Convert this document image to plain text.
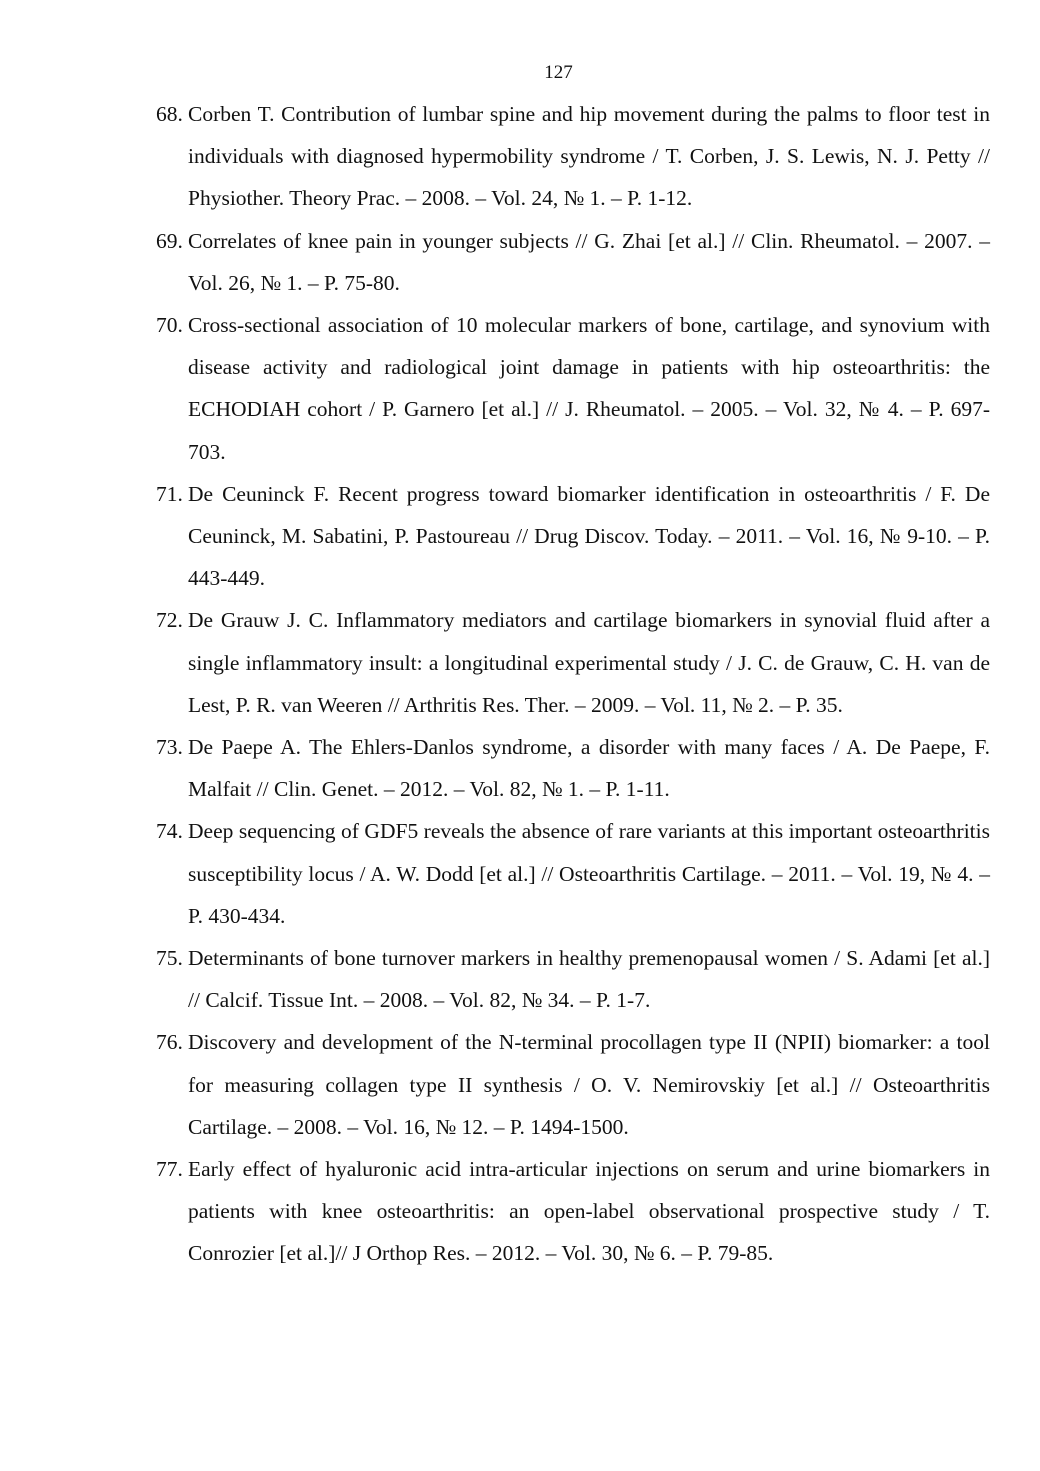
127
68. Corben T. Contribution of lumbar spine and hip movement during the palms to floor test in individuals with diagnosed hypermobility syndrome / T. Corben, J. S. Lewis, N. J. Petty // Physiother. Theory Prac. – 2008. – Vol. 24, № 1. – P. 1-12.
69. Correlates of knee pain in younger subjects // G. Zhai [et al.] // Clin. Rheumatol. – 2007. – Vol. 26, № 1. – P. 75-80.
70. Cross-sectional association of 10 molecular markers of bone, cartilage, and synovium with disease activity and radiological joint damage in patients with hip osteoarthritis: the ECHODIAH cohort / P. Garnero [et al.] // J. Rheumatol. – 2005. – Vol. 32, № 4. – P. 697-703.
71. De Ceuninck F. Recent progress toward biomarker identification in osteoarthritis / F. De Ceuninck, M. Sabatini, P. Pastoureau // Drug Discov. Today. – 2011. – Vol. 16, № 9-10. – P. 443-449.
72. De Grauw J. C. Inflammatory mediators and cartilage biomarkers in synovial fluid after a single inflammatory insult: a longitudinal experimental study / J. C. de Grauw, C. H. van de Lest, P. R. van Weeren // Arthritis Res. Ther. – 2009. – Vol. 11, № 2. – P. 35.
73. De Paepe A. The Ehlers-Danlos syndrome, a disorder with many faces / A. De Paepe, F. Malfait // Clin. Genet. – 2012. – Vol. 82, № 1. – P. 1-11.
74. Deep sequencing of GDF5 reveals the absence of rare variants at this important osteoarthritis susceptibility locus / A. W. Dodd [et al.] // Osteoarthritis Cartilage. – 2011. – Vol. 19, № 4. – P. 430-434.
75. Determinants of bone turnover markers in healthy premenopausal women / S. Adami [et al.] // Calcif. Tissue Int. – 2008. – Vol. 82, № 34. – P. 1-7.
76. Discovery and development of the N-terminal procollagen type II (NPII) biomarker: a tool for measuring collagen type II synthesis / O. V. Nemirovskiy [et al.] // Osteoarthritis Cartilage. – 2008. – Vol. 16, № 12. – P. 1494-1500.
77. Early effect of hyaluronic acid intra-articular injections on serum and urine biomarkers in patients with knee osteoarthritis: an open-label observational prospective study / T. Conrozier [et al.]// J Orthop Res. – 2012. – Vol. 30, № 6. – P. 79-85.
